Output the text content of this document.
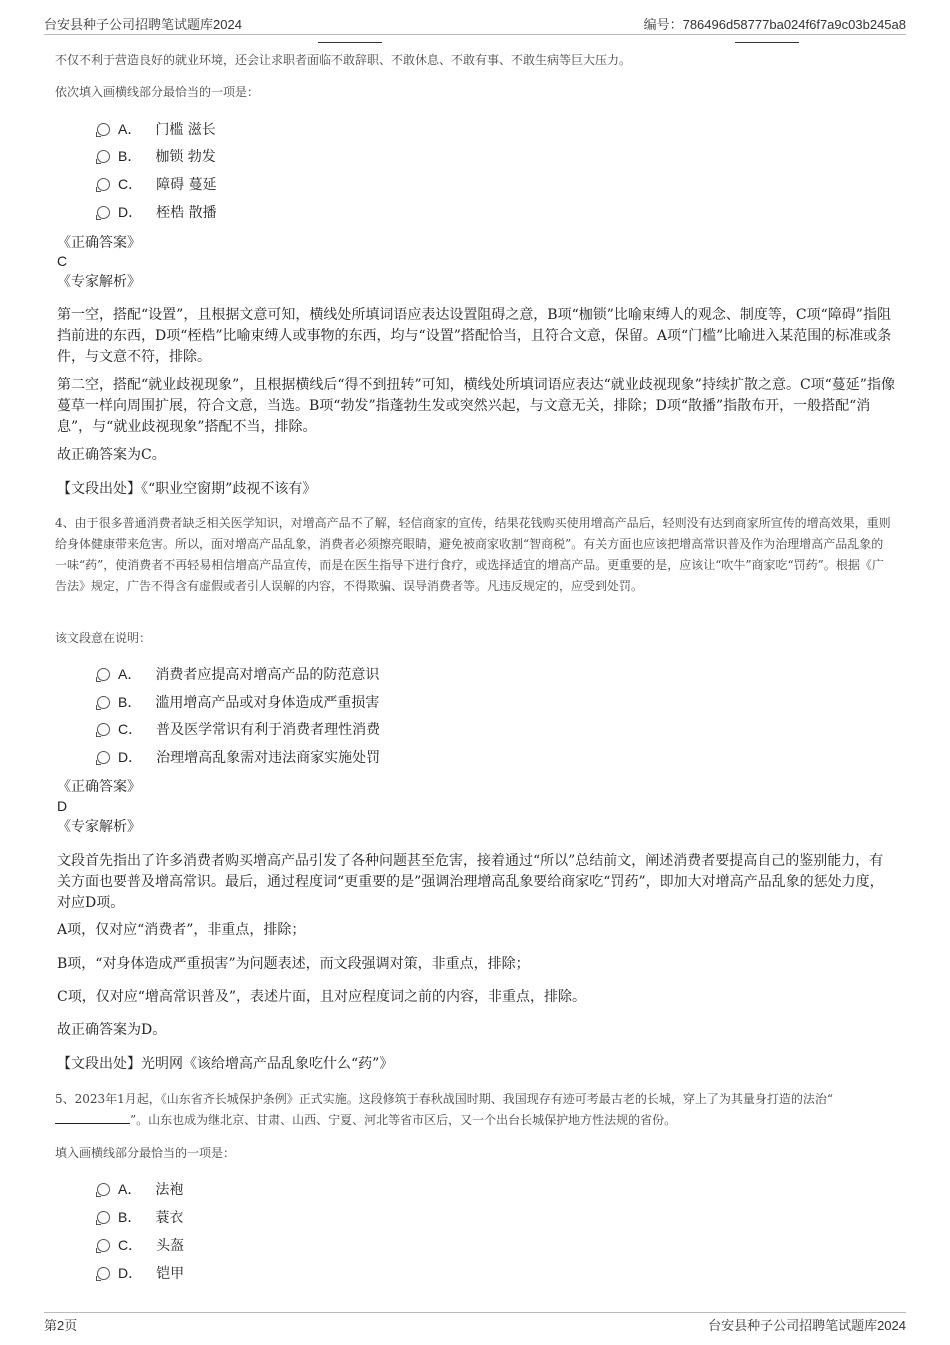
台安县种子公司招聘笔试题库2024	编号：786496d58777ba024f6f7a9c03b245a8
不仅不利于营造良好的就业环境，还会让求职者面临不敢辞职、不敢休息、不敢有事、不敢生病等巨大压力。
依次填入画横线部分最恰当的一项是：
A． 门槛 滋长
B． 枷锁 勃发
C． 障碍 蔓延
D． 桎梏 散播
《正确答案》
C
《专家解析》
第一空，搭配“设置”，且根据文意可知，横线处所填词语应表达设置阻碍之意，B项“枷锁”比喻束缚人的观念、制度等，C项“障碍”指阻挡前进的东西，D项“桎梏”比喻束缚人或事物的东西，均与“设置”搭配恰当，且符合文意，保留。A项“门槛”比喻进入某范围的标准或条件，与文意不符，排除。
第二空，搭配“就业歧视现象”，且根据横线后“得不到扭转”可知，横线处所填词语应表达“就业歧视现象”持续扩散之意。C项“蔓延”指像蔓草一样向周围扩展，符合文意，当选。B项“勃发”指蓬勃生发或突然兴起，与文意无关，排除；D项“散播”指散布开，一般搭配“消息”，与“就业歧视现象”搭配不当，排除。
故正确答案为C。
【文段出处】《“职业空窗期”歧视不该有》
4、由于很多普通消费者缺乏相关医学知识，对增高产品不了解，轻信商家的宣传，结果花钱购买使用增高产品后，轻则没有达到商家所宣传的增高效果，重则给身体健康带来危害。所以，面对增高产品乱象，消费者必须擦亮眼睛，避免被商家收割“智商税”。有关方面也应该把增高常识普及作为治理增高产品乱象的一味“药”，使消费者不再轻易相信增高产品宣传，而是在医生指导下进行食疗，或选择适宜的增高产品。更重要的是，应该让“吹牛”商家吃“罚药”。根据《广告法》规定，广告不得含有虚假或者引人误解的内容，不得欺骗、误导消费者等。凡违反规定的，应受到处罚。
该文段意在说明：
A． 消费者应提高对增高产品的防范意识
B． 滥用增高产品或对身体造成严重损害
C． 普及医学常识有利于消费者理性消费
D． 治理增高乱象需对违法商家实施处罚
《正确答案》
D
《专家解析》
文段首先指出了许多消费者购买增高产品引发了各种问题甚至危害，接着通过“所以”总结前文，阐述消费者要提高自己的鉴别能力，有关方面也要普及增高常识。最后，通过程度词“更重要的是”强调治理增高乱象要给商家吃“罚药”，即加大对增高产品乱象的惩处力度，对应D项。
A项，仅对应“消费者”，非重点，排除；
B项，“对身体造成严重损害”为问题表述，而文段强调对策，非重点，排除；
C项，仅对应“增高常识普及”，表述片面，且对应程度词之前的内容，非重点，排除。
故正确答案为D。
【文段出处】光明网《该给增高产品乱象吃什么“药”》
5、2023年1月起，《山东省齐长城保护条例》正式实施。这段修筑于春秋战国时期、我国现存有迹可考最古老的长城，穿上了为其量身打造的法治“”。山东也成为继北京、甘肃、山西、宁夏、河北等省市区后，又一个出台长城保护地方性法规的省份。
填入画横线部分最恰当的一项是：
A． 法袍
B． 蓑衣
C． 头盔
D． 铠甲
第2页	台安县种子公司招聘笔试题库2024
